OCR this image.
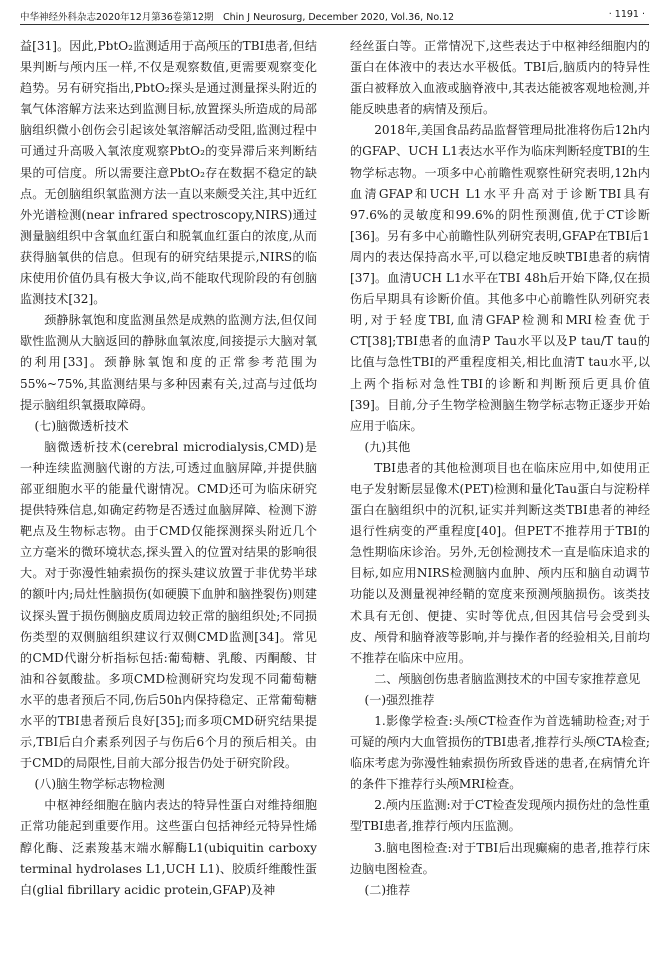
中华神经外科杂志2020年12月第36卷第12期　Chin J Neurosurg, December 2020, Vol.36, No.12	· 1191 ·

益[31]。因此,PbtO₂监测适用于高颅压的TBI患者,但结果判断与颅内压一样,不仅是观察数值,更需要观察变化趋势。另有研究指出,PbtO₂探头是通过测量探头附近的氧气体溶解方法来达到监测目标,放置探头所造成的局部脑组织微小创伤会引起该处氧溶解活动受阻,监测过程中可通过升高吸入氧浓度观察PbtO₂的变异滞后来判断结果的可信度。所以需要注意PbtO₂存在数据不稳定的缺点。无创脑组织氧监测方法一直以来颇受关注,其中近红外光谱检测(near infrared spectroscopy,NIRS)通过测量脑组织中含氧血红蛋白和脱氧血红蛋白的浓度,从而获得脑氧供的信息。但现有的研究结果提示,NIRS的临床使用价值仍具有极大争议,尚不能取代现阶段的有创脑监测技术[32]。

颈静脉氧饱和度监测虽然是成熟的监测方法,但仅间歇性监测从大脑返回的静脉血氧浓度,间接提示大脑对氧的利用[33]。颈静脉氧饱和度的正常参考范围为55%~75%,其监测结果与多种因素有关,过高与过低均提示脑组织氧摄取障碍。

(七)脑微透析技术

脑微透析技术(cerebral microdialysis,CMD)是一种连续监测脑代谢的方法,可透过血脑屏障,并提供脑部亚细胞水平的能量代谢情况。CMD还可为临床研究提供特殊信息,如确定药物是否透过血脑屏障、检测下游靶点及生物标志物。由于CMD仅能探测探头附近几个立方毫米的微环境状态,探头置入的位置对结果的影响很大。对于弥漫性轴索损伤的探头建议放置于非优势半球的额叶内;局灶性脑损伤(如硬膜下血肿和脑挫裂伤)则建议探头置于损伤侧脑皮质周边较正常的脑组织处;不同损伤类型的双侧脑组织建议行双侧CMD监测[34]。常见的CMD代谢分析指标包括:葡萄糖、乳酸、丙酮酸、甘油和谷氨酸盐。多项CMD检测研究均发现不同葡萄糖水平的患者预后不同,伤后50h内保持稳定、正常葡萄糖水平的TBI患者预后良好[35];而多项CMD研究结果提示,TBI后白介素系列因子与伤后6个月的预后相关。由于CMD的局限性,目前大部分报告仍处于研究阶段。

(八)脑生物学标志物检测

中枢神经细胞在脑内表达的特异性蛋白对维持细胞正常功能起到重要作用。这些蛋白包括神经元特异性烯醇化酶、泛素羧基末端水解酶L1(ubiquitin carboxy terminal hydrolases L1,UCH L1)、胶质纤维酸性蛋白(glial fibrillary acidic protein,GFAP)及神

经丝蛋白等。正常情况下,这些表达于中枢神经细胞内的蛋白在体液中的表达水平极低。TBI后,脑质内的特异性蛋白被释放入血液或脑脊液中,其表达能被客观地检测,并能反映患者的病情及预后。

2018年,美国食品药品监督管理局批准将伤后12h内的GFAP、UCH L1表达水平作为临床判断轻度TBI的生物学标志物。一项多中心前瞻性观察性研究表明,12h内血清GFAP和UCH L1水平升高对于诊断TBI具有97.6%的灵敏度和99.6%的阴性预测值,优于CT诊断[36]。另有多中心前瞻性队列研究表明,GFAP在TBI后1周内的表达保持高水平,可以稳定地反映TBI患者的病情[37]。血清UCH L1水平在TBI 48h后开始下降,仅在损伤后早期具有诊断价值。其他多中心前瞻性队列研究表明,对于轻度TBI,血清GFAP检测和MRI检查优于CT[38];TBI患者的血清P Tau水平以及P tau/T tau的比值与急性TBI的严重程度相关,相比血清T tau水平,以上两个指标对急性TBI的诊断和判断预后更具价值[39]。目前,分子生物学检测脑生物学标志物正逐步开始应用于临床。

(九)其他

TBI患者的其他检测项目也在临床应用中,如使用正电子发射断层显像术(PET)检测和量化Tau蛋白与淀粉样蛋白在脑组织中的沉积,证实并判断这类TBI患者的神经退行性病变的严重程度[40]。但PET不推荐用于TBI的急性期临床诊治。另外,无创检测技术一直是临床追求的目标,如应用NIRS检测脑内血肿、颅内压和脑自动调节功能以及测量视神经鞘的宽度来预测颅脑损伤。该类技术具有无创、便捷、实时等优点,但因其信号会受到头皮、颅骨和脑脊液等影响,并与操作者的经验相关,目前均不推荐在临床中应用。

二、颅脑创伤患者脑监测技术的中国专家推荐意见

(一)强烈推荐

1.影像学检查:头颅CT检查作为首选辅助检查;对于可疑的颅内大血管损伤的TBI患者,推荐行头颅CTA检查;临床考虑为弥漫性轴索损伤所致昏迷的患者,在病情允许的条件下推荐行头颅MRI检查。

2.颅内压监测:对于CT检查发现颅内损伤灶的急性重型TBI患者,推荐行颅内压监测。

3.脑电图检查:对于TBI后出现癫痫的患者,推荐行床边脑电图检查。

(二)推荐
